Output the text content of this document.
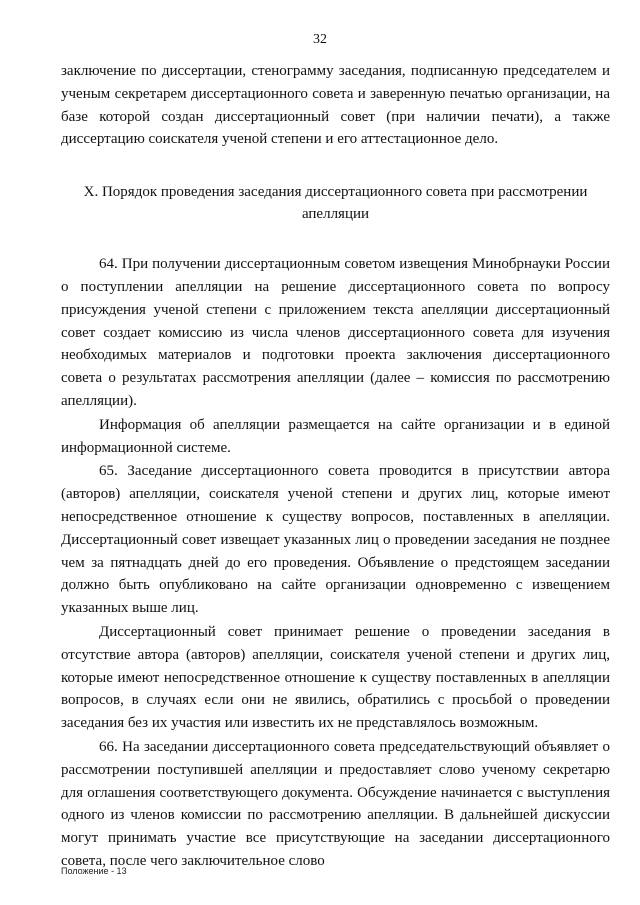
32

заключение по диссертации, стенограмму заседания, подписанную председателем и ученым секретарем диссертационного совета и заверенную печатью организации, на базе которой создан диссертационный совет (при наличии печати), а также диссертацию соискателя ученой степени и его аттестационное дело.

X. Порядок проведения заседания диссертационного совета при рассмотрении апелляции

64. При получении диссертационным советом извещения Минобрнауки России о поступлении апелляции на решение диссертационного совета по вопросу присуждения ученой степени с приложением текста апелляции диссертационный совет создает комиссию из числа членов диссертационного совета для изучения необходимых материалов и подготовки проекта заключения диссертационного совета о результатах рассмотрения апелляции (далее – комиссия по рассмотрению апелляции).

Информация об апелляции размещается на сайте организации и в единой информационной системе.

65. Заседание диссертационного совета проводится в присутствии автора (авторов) апелляции, соискателя ученой степени и других лиц, которые имеют непосредственное отношение к существу вопросов, поставленных в апелляции. Диссертационный совет извещает указанных лиц о проведении заседания не позднее чем за пятнадцать дней до его проведения. Объявление о предстоящем заседании должно быть опубликовано на сайте организации одновременно с извещением указанных выше лиц.

Диссертационный совет принимает решение о проведении заседания в отсутствие автора (авторов) апелляции, соискателя ученой степени и других лиц, которые имеют непосредственное отношение к существу поставленных в апелляции вопросов, в случаях если они не явились, обратились с просьбой о проведении заседания без их участия или известить их не представлялось возможным.

66. На заседании диссертационного совета председательствующий объявляет о рассмотрении поступившей апелляции и предоставляет слово ученому секретарю для оглашения соответствующего документа. Обсуждение начинается с выступления одного из членов комиссии по рассмотрению апелляции. В дальнейшей дискуссии могут принимать участие все присутствующие на заседании диссертационного совета, после чего заключительное слово

Положение - 13
